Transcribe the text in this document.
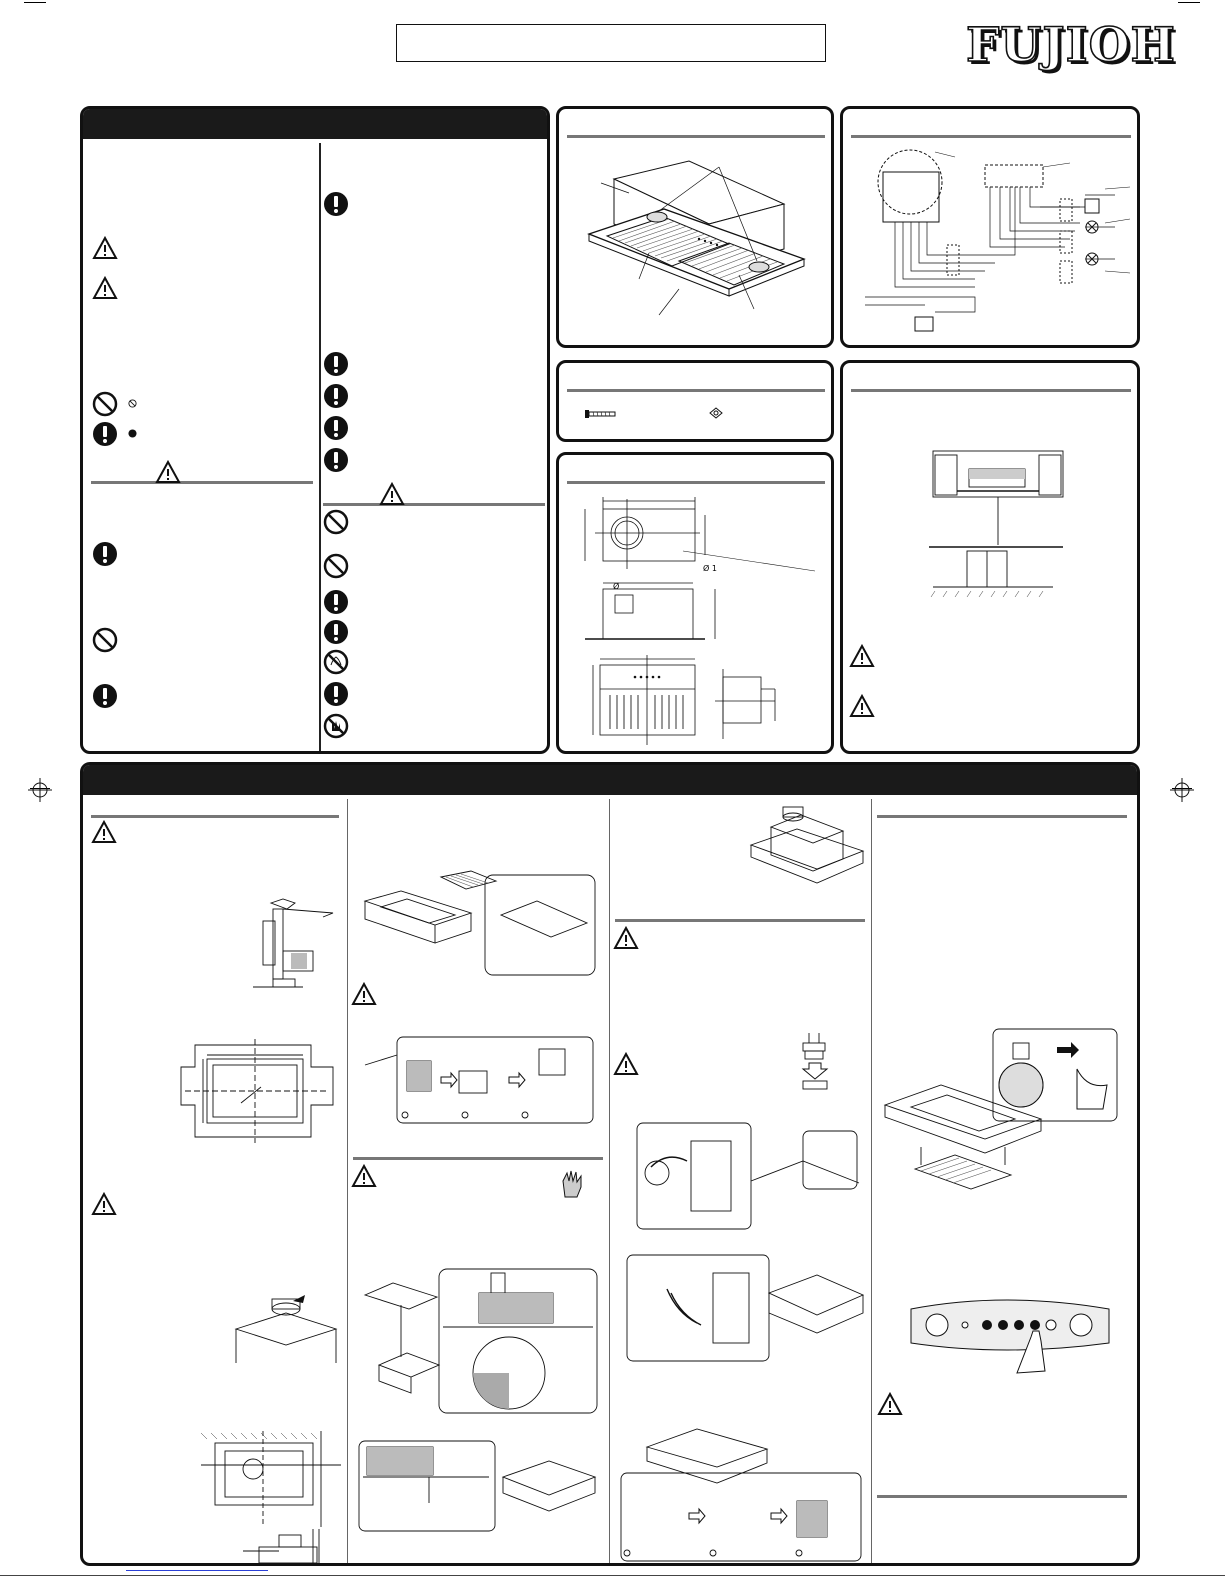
FUJIOH
Ø 1
Ø
